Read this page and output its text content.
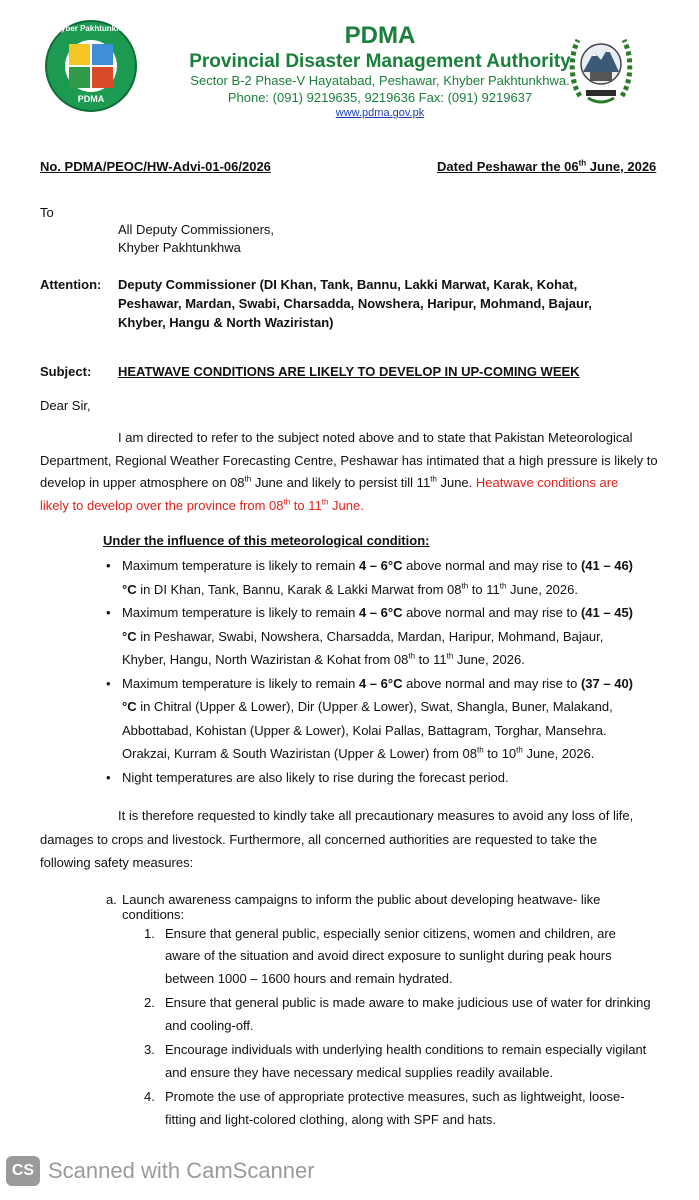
Khyber Pakhtunkhwa
PDMA
PDMA
Provincial Disaster Management Authority
Sector B-2 Phase-V Hayatabad, Peshawar, Khyber Pakhtunkhwa.
Phone: (091) 9219635, 9219636 Fax: (091) 9219637
www.pdma.gov.pk
No. PDMA/PEOC/HW-Advi-01-06/2026	Dated Peshawar the 06th June, 2026
To
All Deputy Commissioners,
Khyber Pakhtunkhwa
Attention: Deputy Commissioner (DI Khan, Tank, Bannu, Lakki Marwat, Karak, Kohat,
Peshawar, Mardan, Swabi, Charsadda, Nowshera, Haripur, Mohmand, Bajaur,
Khyber, Hangu & North Waziristan)
Subject: HEATWAVE CONDITIONS ARE LIKELY TO DEVELOP IN UP-COMING WEEK
Dear Sir,
I am directed to refer to the subject noted above and to state that Pakistan Meteorological
Department, Regional Weather Forecasting Centre, Peshawar has intimated that a high pressure is likely to
develop in upper atmosphere on 08th June and likely to persist till 11th June. Heatwave conditions are
likely to develop over the province from 08th to 11th June.
Under the influence of this meteorological condition:
• Maximum temperature is likely to remain 4 – 6°C above normal and may rise to (41 – 46)
°C in DI Khan, Tank, Bannu, Karak & Lakki Marwat from 08th to 11th June, 2026.
• Maximum temperature is likely to remain 4 – 6°C above normal and may rise to (41 – 45)
°C in Peshawar, Swabi, Nowshera, Charsadda, Mardan, Haripur, Mohmand, Bajaur,
Khyber, Hangu, North Waziristan & Kohat from 08th to 11th June, 2026.
• Maximum temperature is likely to remain 4 – 6°C above normal and may rise to (37 – 40)
°C in Chitral (Upper & Lower), Dir (Upper & Lower), Swat, Shangla, Buner, Malakand,
Abbottabad, Kohistan (Upper & Lower), Kolai Pallas, Battagram, Torghar, Mansehra.
Orakzai, Kurram & South Waziristan (Upper & Lower) from 08th to 10th June, 2026.
• Night temperatures are also likely to rise during the forecast period.
It is therefore requested to kindly take all precautionary measures to avoid any loss of life,
damages to crops and livestock. Furthermore, all concerned authorities are requested to take the
following safety measures:
a. Launch awareness campaigns to inform the public about developing heatwave- like
conditions:
1. Ensure that general public, especially senior citizens, women and children, are
aware of the situation and avoid direct exposure to sunlight during peak hours
between 1000 – 1600 hours and remain hydrated.
2. Ensure that general public is made aware to make judicious use of water for drinking
and cooling-off.
3. Encourage individuals with underlying health conditions to remain especially vigilant
and ensure they have necessary medical supplies readily available.
4. Promote the use of appropriate protective measures, such as lightweight, loose-
fitting and light-colored clothing, along with SPF and hats.
CS Scanned with CamScanner
